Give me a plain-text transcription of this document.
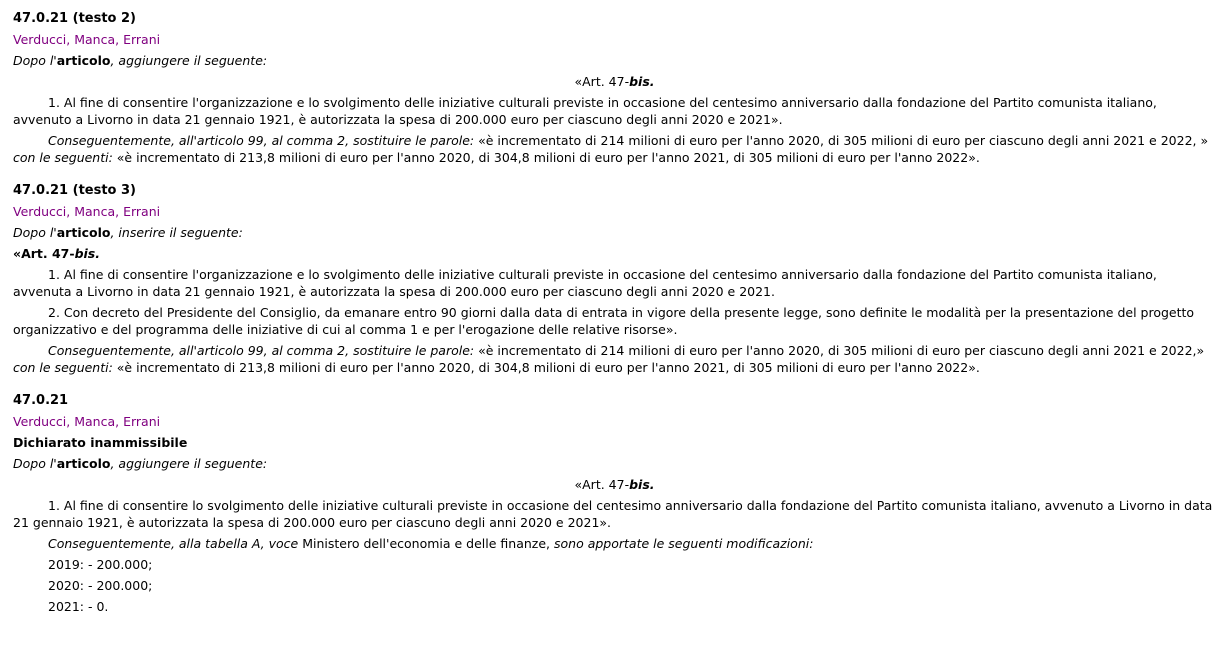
47.0.21 (testo 2)
Verducci, Manca, Errani
Dopo l'articolo, aggiungere il seguente:
«Art. 47-bis.
1. Al fine di consentire l'organizzazione e lo svolgimento delle iniziative culturali previste in occasione del centesimo anniversario dalla fondazione del Partito comunista italiano, avvenuto a Livorno in data 21 gennaio 1921, è autorizzata la spesa di 200.000 euro per ciascuno degli anni 2020 e 2021».
Conseguentemente, all'articolo 99, al comma 2, sostituire le parole: «è incrementato di 214 milioni di euro per l'anno 2020, di 305 milioni di euro per ciascuno degli anni 2021 e 2022, » con le seguenti: «è incrementato di 213,8 milioni di euro per l'anno 2020, di 304,8 milioni di euro per l'anno 2021, di 305 milioni di euro per l'anno 2022».
47.0.21 (testo 3)
Verducci, Manca, Errani
Dopo l'articolo, inserire il seguente:
«Art. 47-bis.
1. Al fine di consentire l'organizzazione e lo svolgimento delle iniziative culturali previste in occasione del centesimo anniversario dalla fondazione del Partito comunista italiano, avvenuta a Livorno in data 21 gennaio 1921, è autorizzata la spesa di 200.000 euro per ciascuno degli anni 2020 e 2021.
2. Con decreto del Presidente del Consiglio, da emanare entro 90 giorni dalla data di entrata in vigore della presente legge, sono definite le modalità per la presentazione del progetto organizzativo e del programma delle iniziative di cui al comma 1 e per l'erogazione delle relative risorse».
Conseguentemente, all'articolo 99, al comma 2, sostituire le parole: «è incrementato di 214 milioni di euro per l'anno 2020, di 305 milioni di euro per ciascuno degli anni 2021 e 2022,» con le seguenti: «è incrementato di 213,8 milioni di euro per l'anno 2020, di 304,8 milioni di euro per l'anno 2021, di 305 milioni di euro per l'anno 2022».
47.0.21
Verducci, Manca, Errani
Dichiarato inammissibile
Dopo l'articolo, aggiungere il seguente:
«Art. 47-bis.
1. Al fine di consentire lo svolgimento delle iniziative culturali previste in occasione del centesimo anniversario dalla fondazione del Partito comunista italiano, avvenuto a Livorno in data 21 gennaio 1921, è autorizzata la spesa di 200.000 euro per ciascuno degli anni 2020 e 2021».
Conseguentemente, alla tabella A, voce Ministero dell'economia e delle finanze, sono apportate le seguenti modificazioni:
2019: - 200.000;
2020: - 200.000;
2021: - 0.
